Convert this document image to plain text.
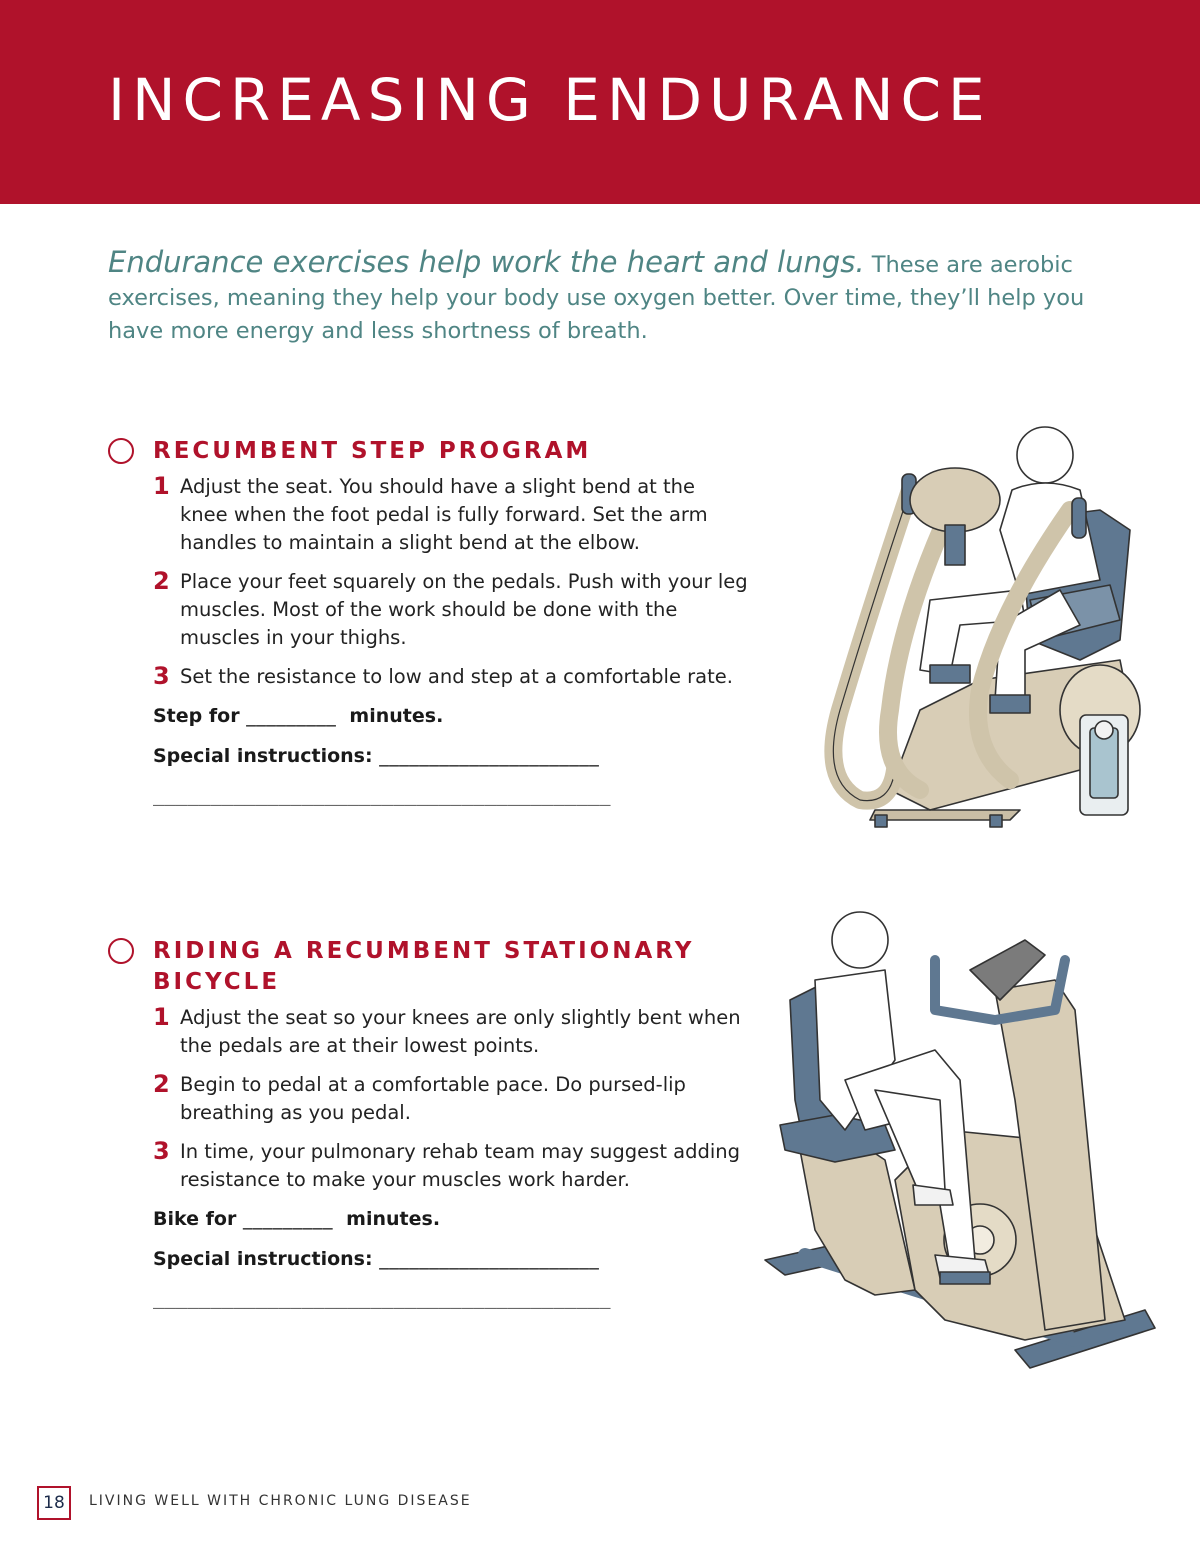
INCREASING ENDURANCE

Endurance exercises help work the heart and lungs. These are aerobic exercises, meaning they help your body use oxygen better. Over time, they’ll help you have more energy and less shortness of breath.

RECUMBENT STEP PROGRAM
1 Adjust the seat. You should have a slight bend at the knee when the foot pedal is fully forward. Set the arm handles to maintain a slight bend at the elbow.
2 Place your feet squarely on the pedals. Push with your leg muscles. Most of the work should be done with the muscles in your thighs.
3 Set the resistance to low and step at a comfortable rate.
Step for _________ minutes.
Special instructions: ______________________
________________________________________
RIDING A RECUMBENT STATIONARY BICYCLE
1 Adjust the seat so your knees are only slightly bent when the pedals are at their lowest points.
2 Begin to pedal at a comfortable pace. Do pursed-lip breathing as you pedal.
3 In time, your pulmonary rehab team may suggest adding resistance to make your muscles work harder.
Bike for _________ minutes.
Special instructions: ______________________
________________________________________
18	LIVING WELL WITH CHRONIC LUNG DISEASE
